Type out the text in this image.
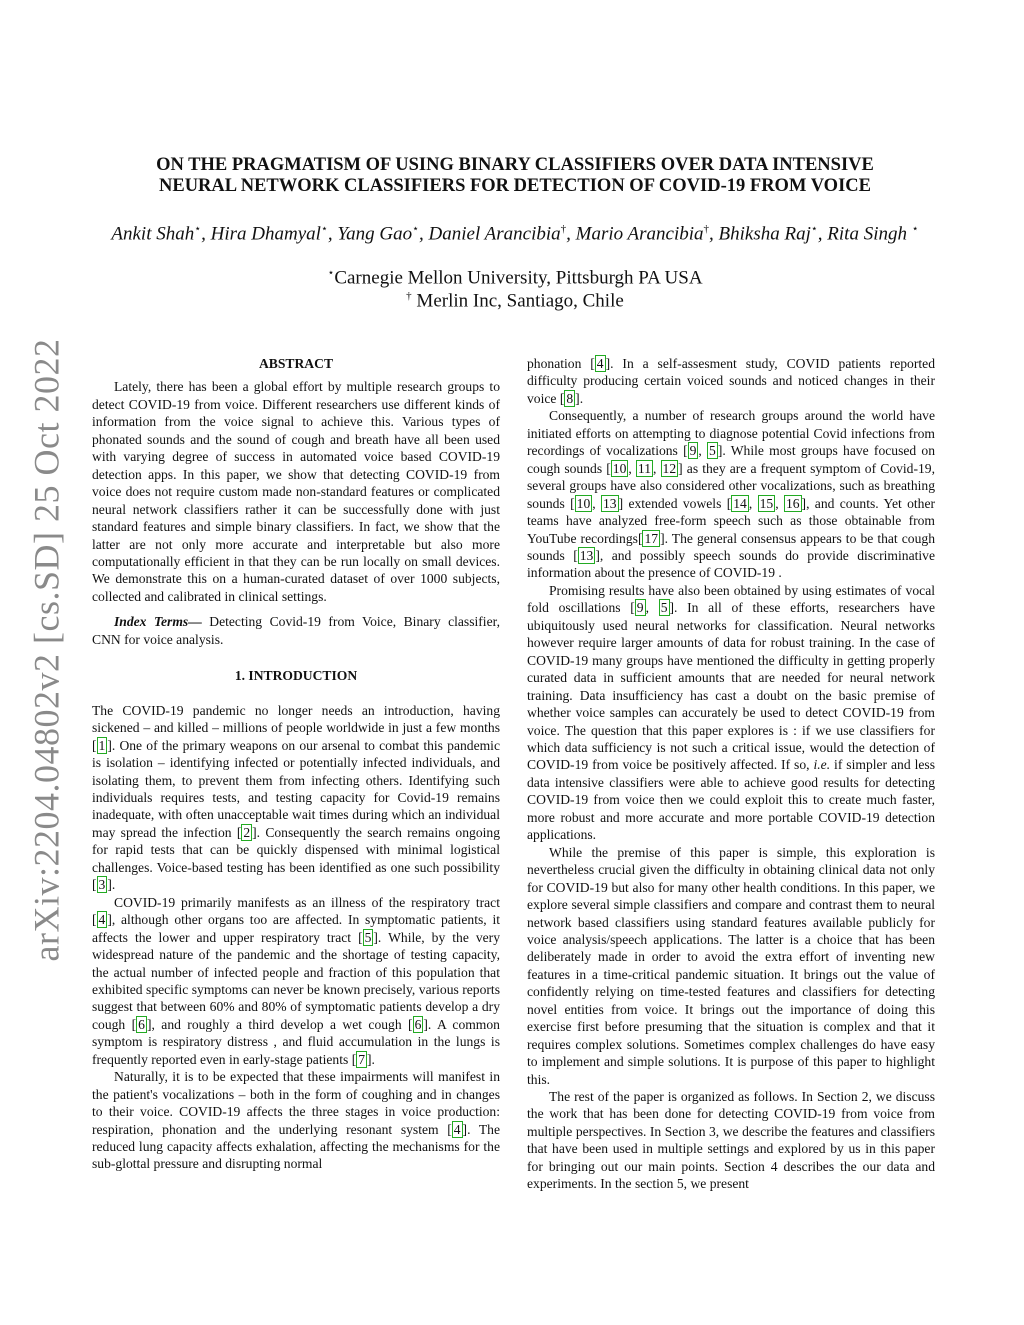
arXiv:2204.04802v2 [cs.SD] 25 Oct 2022
ON THE PRAGMATISM OF USING BINARY CLASSIFIERS OVER DATA INTENSIVE
NEURAL NETWORK CLASSIFIERS FOR DETECTION OF COVID-19 FROM VOICE
Ankit Shah⋆, Hira Dhamyal⋆, Yang Gao⋆, Daniel Arancibia†, Mario Arancibia†, Bhiksha Raj⋆, Rita Singh ⋆
⋆Carnegie Mellon University, Pittsburgh PA USA
† Merlin Inc, Santiago, Chile
ABSTRACT

Lately, there has been a global effort by multiple research groups to detect COVID-19 from voice. Different researchers use different kinds of information from the voice signal to achieve this. Various types of phonated sounds and the sound of cough and breath have all been used with varying degree of success in automated voice based COVID-19 detection apps. In this paper, we show that detecting COVID-19 from voice does not require custom made non-standard features or complicated neural network classifiers rather it can be successfully done with just standard features and simple binary classifiers. In fact, we show that the latter are not only more accurate and interpretable but also more computationally efficient in that they can be run locally on small devices. We demonstrate this on a human-curated dataset of over 1000 subjects, collected and calibrated in clinical settings.

Index Terms— Detecting Covid-19 from Voice, Binary classifier, CNN for voice analysis.

1. INTRODUCTION

The COVID-19 pandemic no longer needs an introduction, having sickened – and killed – millions of people worldwide in just a few months [ 1 ]. One of the primary weapons on our arsenal to combat this pandemic is isolation – identifying infected or potentially infected individuals, and isolating them, to prevent them from infecting others. Identifying such individuals requires tests, and testing capacity for Covid-19 remains inadequate, with often unacceptable wait times during which an individual may spread the infection [ 2 ]. Consequently the search remains ongoing for rapid tests that can be quickly dispensed with minimal logistical challenges. Voice-based testing has been identified as one such possibility [ 3 ].

COVID-19 primarily manifests as an illness of the respiratory tract [ 4 ], although other organs too are affected. In symptomatic patients, it affects the lower and upper respiratory tract [ 5 ]. While, by the very widespread nature of the pandemic and the shortage of testing capacity, the actual number of infected people and fraction of this population that exhibited specific symptoms can never be known precisely, various reports suggest that between 60% and 80% of symptomatic patients develop a dry cough [ 6 ], and roughly a third develop a wet cough [ 6 ]. A common symptom is respiratory distress , and fluid accumulation in the lungs is frequently reported even in early-stage patients [ 7 ].

Naturally, it is to be expected that these impairments will manifest in the patient's vocalizations – both in the form of coughing and in changes to their voice. COVID-19 affects the three stages in voice production: respiration, phonation and the underlying resonant system [ 4 ]. The reduced lung capacity affects exhalation, affecting the mechanisms for the sub-glottal pressure and disrupting normal

phonation [ 4 ]. In a self-assesment study, COVID patients reported difficulty producing certain voiced sounds and noticed changes in their voice [ 8 ].

Consequently, a number of research groups around the world have initiated efforts on attempting to diagnose potential Covid infections from recordings of vocalizations [ 9 , 5 ]. While most groups have focused on cough sounds [ 10 , 11 , 12 ] as they are a frequent symptom of Covid-19, several groups have also considered other vocalizations, such as breathing sounds [ 10 , 13 ] extended vowels [ 14 , 15 , 16 ], and counts. Yet other teams have analyzed free-form speech such as those obtainable from YouTube recordings[ 17 ]. The general consensus appears to be that cough sounds [ 13 ], and possibly speech sounds do provide discriminative information about the presence of COVID-19 .

Promising results have also been obtained by using estimates of vocal fold oscillations [ 9 , 5 ]. In all of these efforts, researchers have ubiquitously used neural networks for classification. Neural networks however require larger amounts of data for robust training. In the case of COVID-19 many groups have mentioned the difficulty in getting properly curated data in sufficient amounts that are needed for neural network training. Data insufficiency has cast a doubt on the basic premise of whether voice samples can accurately be used to detect COVID-19 from voice. The question that this paper explores is : if we use classifiers for which data sufficiency is not such a critical issue, would the detection of COVID-19 from voice be positively affected. If so, i.e. if simpler and less data intensive classifiers were able to achieve good results for detecting COVID-19 from voice then we could exploit this to create much faster, more robust and more accurate and more portable COVID-19 detection applications.

While the premise of this paper is simple, this exploration is nevertheless crucial given the difficulty in obtaining clinical data not only for COVID-19 but also for many other health conditions. In this paper, we explore several simple classifiers and compare and contrast them to neural network based classifiers using standard features available publicly for voice analysis/speech applications. The latter is a choice that has been deliberately made in order to avoid the extra effort of inventing new features in a time-critical pandemic situation. It brings out the value of confidently relying on time-tested features and classifiers for detecting novel entities from voice. It brings out the importance of doing this exercise first before presuming that the situation is complex and that it requires complex solutions. Sometimes complex challenges do have easy to implement and simple solutions. It is purpose of this paper to highlight this.

The rest of the paper is organized as follows. In Section 2, we discuss the work that has been done for detecting COVID-19 from voice from multiple perspectives. In Section 3, we describe the features and classifiers that have been used in multiple settings and explored by us in this paper for bringing out our main points. Section 4 describes the our data and experiments. In the section 5, we present
